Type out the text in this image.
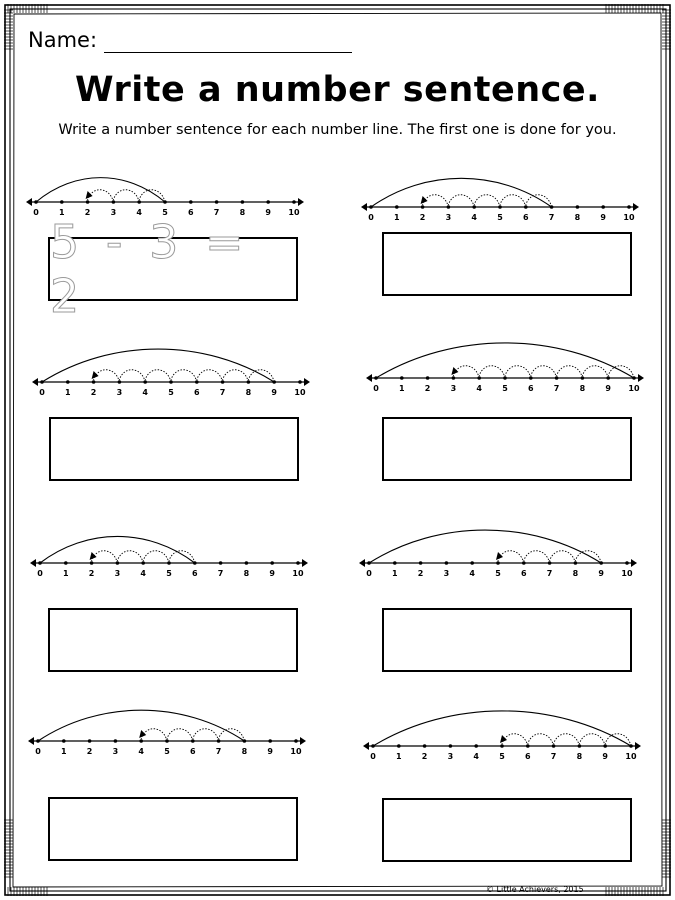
Name:
Write a number sentence.
Write a number sentence for each number line. The first one is done for you.
0	1	2	3	4	5	6	7	8	9 10
0	1	2	3	4	5	6	7	8	9 10
0	1	2	3	4	5	6	7	8	9 10	0	1	2	3	4	5	6	7	8	9 10
0	1	2	3	4	5	6	7	8	9 10	0	1	2	3	4	5	6	7	8	9 10
0	1	2	3	4	5	6	7	8	9 10
0	1	2	3	4	5	6	7	8	9 10
5 - 3 = 2
© Little Achievers, 2015
